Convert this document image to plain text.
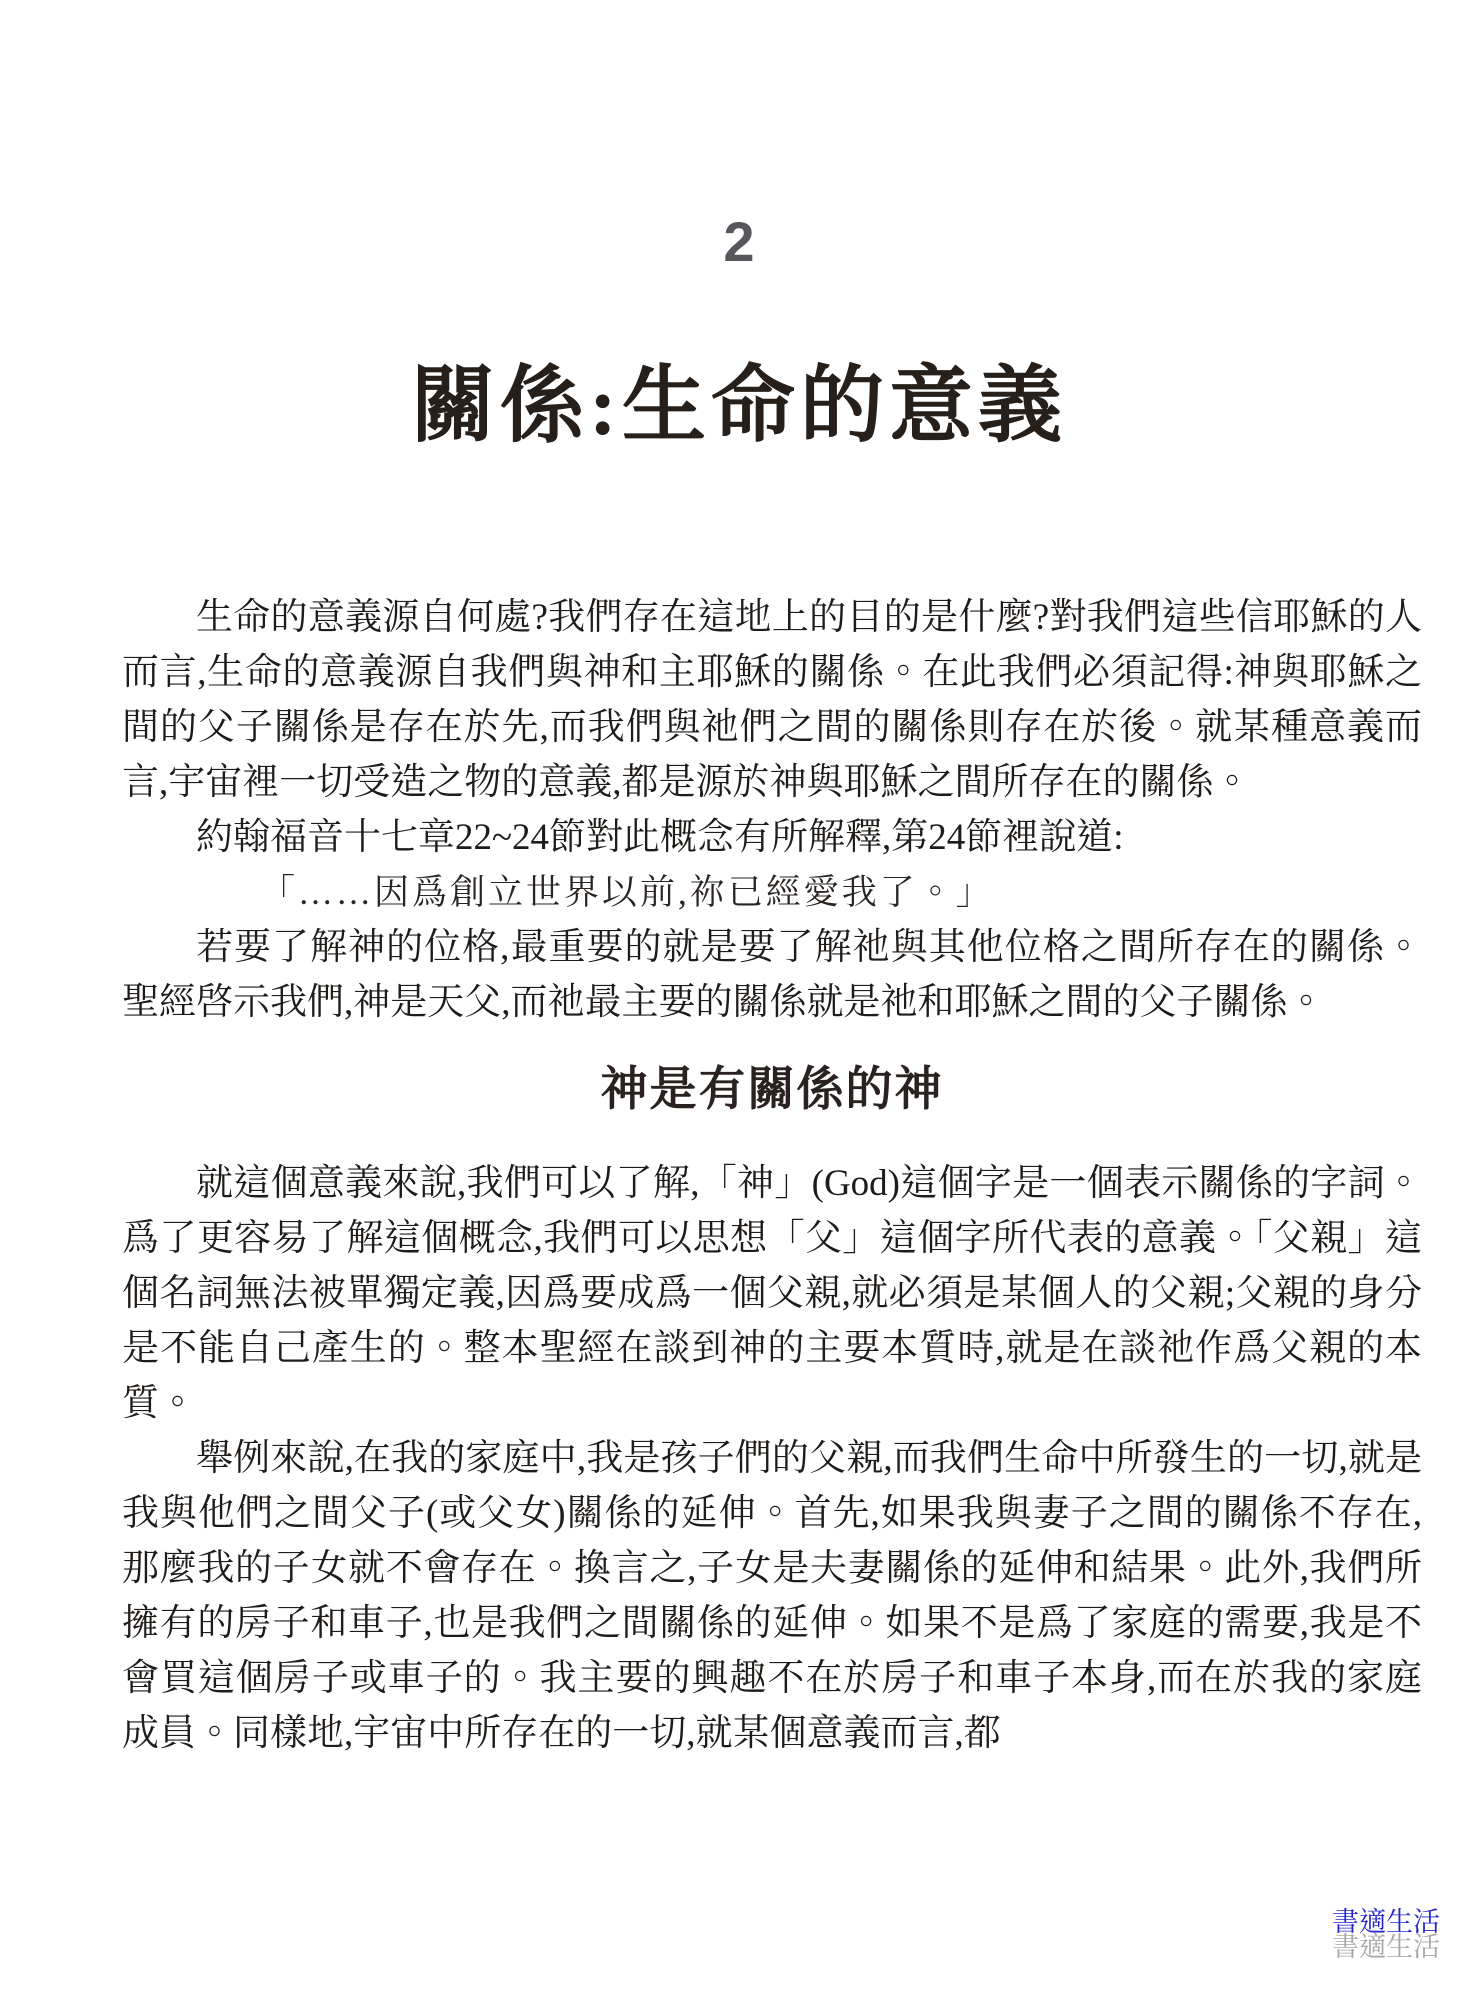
2
關係:生命的意義

生命的意義源自何處?我們存在這地上的目的是什麼?對我們這些信耶穌的人而言,生命的意義源自我們與神和主耶穌的關係。在此我們必須記得:神與耶穌之間的父子關係是存在於先,而我們與祂們之間的關係則存在於後。就某種意義而言,宇宙裡一切受造之物的意義,都是源於神與耶穌之間所存在的關係。

約翰福音十七章22~24節對此概念有所解釋,第24節裡說道:

「……因爲創立世界以前,祢已經愛我了。」

若要了解神的位格,最重要的就是要了解祂與其他位格之間所存在的關係。聖經啓示我們,神是天父,而祂最主要的關係就是祂和耶穌之間的父子關係。

神是有關係的神

就這個意義來說,我們可以了解,「神」(God)這個字是一個表示關係的字詞。爲了更容易了解這個概念,我們可以思想「父」這個字所代表的意義。「父親」這個名詞無法被單獨定義,因爲要成爲一個父親,就必須是某個人的父親;父親的身分是不能自己產生的。整本聖經在談到神的主要本質時,就是在談祂作爲父親的本質。

舉例來說,在我的家庭中,我是孩子們的父親,而我們生命中所發生的一切,就是我與他們之間父子(或父女)關係的延伸。首先,如果我與妻子之間的關係不存在,那麼我的子女就不會存在。換言之,子女是夫妻關係的延伸和結果。此外,我們所擁有的房子和車子,也是我們之間關係的延伸。如果不是爲了家庭的需要,我是不會買這個房子或車子的。我主要的興趣不在於房子和車子本身,而在於我的家庭成員。同樣地,宇宙中所存在的一切,就某個意義而言,都

書適生活
書適生活
